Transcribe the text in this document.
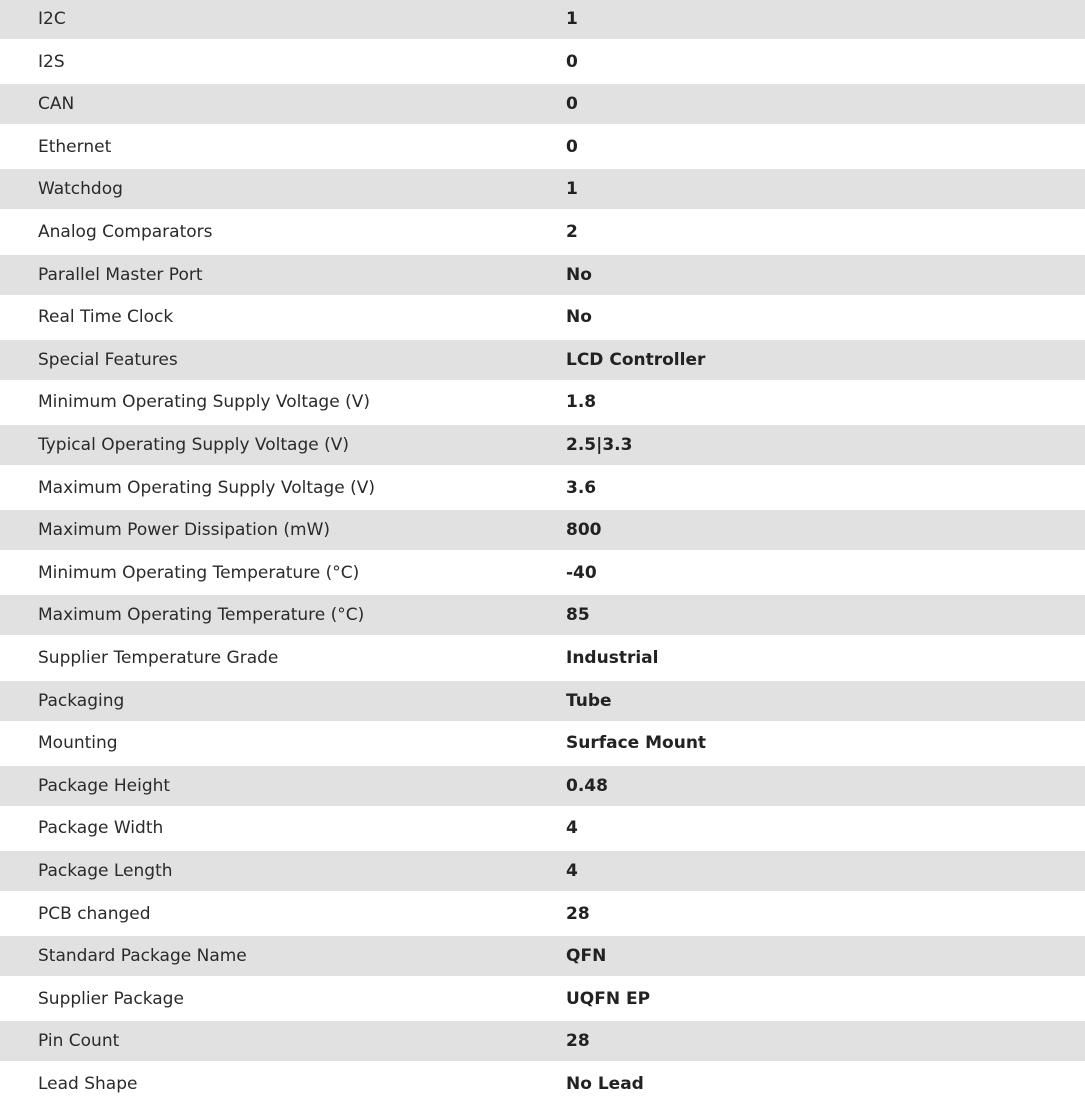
I2C	1
I2S	0
CAN	0
Ethernet	0
Watchdog	1
Analog Comparators	2
Parallel Master Port	No
Real Time Clock	No
Special Features	LCD Controller
Minimum Operating Supply Voltage (V)	1.8
Typical Operating Supply Voltage (V)	2.5|3.3
Maximum Operating Supply Voltage (V)	3.6
Maximum Power Dissipation (mW)	800
Minimum Operating Temperature (°C)	-40
Maximum Operating Temperature (°C)	85
Supplier Temperature Grade	Industrial
Packaging	Tube
Mounting	Surface Mount
Package Height	0.48
Package Width	4
Package Length	4
PCB changed	28
Standard Package Name	QFN
Supplier Package	UQFN EP
Pin Count	28
Lead Shape	No Lead
